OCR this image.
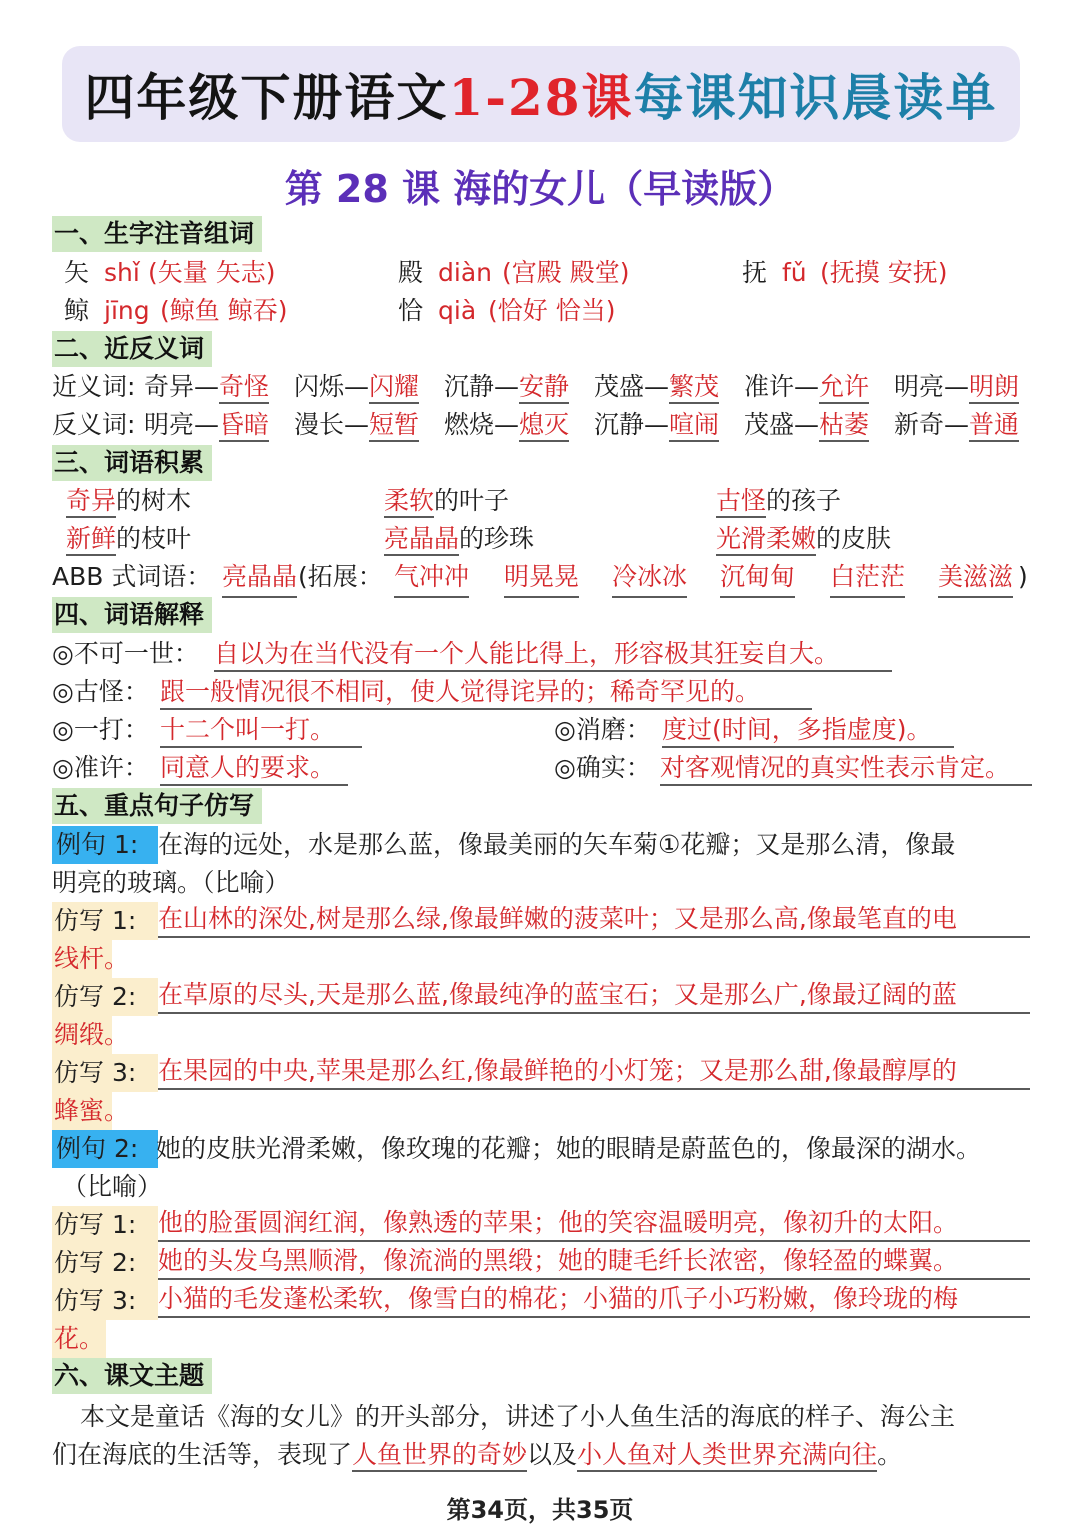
四年级下册语文 1-28课 每课知识晨读单
第 28 课 海的女儿（早读版）
一、生字注音组词
矢 shǐ (矢量 矢志)	殿 diàn (宫殿 殿堂)	抚 fǔ (抚摸 安抚)
鲸 jīng (鲸鱼 鲸吞)	恰 qià (恰好 恰当)
二、近反义词
近义词: 奇异—奇怪 闪烁—闪耀 沉静—安静 茂盛—繁茂 准许—允许 明亮—明朗
反义词: 明亮—昏暗 漫长—短暂 燃烧—熄灭 沉静—喧闹 茂盛—枯萎 新奇—普通
三、词语积累
奇异的树木	柔软的叶子	古怪的孩子
新鲜的枝叶	亮晶晶的珍珠	光滑柔嫩的皮肤
ABB 式词语： 亮晶晶 (拓展： 气冲冲 明晃晃 冷冰冰 沉甸甸 白茫茫 美滋滋 )
四、词语解释
◎不可一世： 自以为在当代没有一个人能比得上，形容极其狂妄自大。
◎古怪： 跟一般情况很不相同，使人觉得诧异的；稀奇罕见的。
◎一打： 十二个叫一打。	◎消磨： 度过(时间，多指虚度)。
◎准许： 同意人的要求。	◎确实： 对客观情况的真实性表示肯定。
五、重点句子仿写
例句 1: 在海的远处，水是那么蓝，像最美丽的矢车菊①花瓣；又是那么清，像最
明亮的玻璃。（比喻）
仿写 1: 在山林的深处,树是那么绿,像最鲜嫩的菠菜叶；又是那么高,像最笔直的电
线杆。
仿写 2: 在草原的尽头,天是那么蓝,像最纯净的蓝宝石；又是那么广,像最辽阔的蓝
绸缎。
仿写 3: 在果园的中央,苹果是那么红,像最鲜艳的小灯笼；又是那么甜,像最醇厚的
蜂蜜。
例句 2: 她的皮肤光滑柔嫩，像玫瑰的花瓣；她的眼睛是蔚蓝色的，像最深的湖水。
（比喻）
仿写 1: 他的脸蛋圆润红润，像熟透的苹果；他的笑容温暖明亮，像初升的太阳。
仿写 2: 她的头发乌黑顺滑，像流淌的黑缎；她的睫毛纤长浓密，像轻盈的蝶翼。
仿写 3: 小猫的毛发蓬松柔软，像雪白的棉花；小猫的爪子小巧粉嫩，像玲珑的梅
花。
六、课文主题
本文是童话《海的女儿》的开头部分，讲述了小人鱼生活的海底的样子、海公主
们在海底的生活等，表现了人鱼世界的奇妙以及小人鱼对人类世界充满向往。
第34页，共35页
